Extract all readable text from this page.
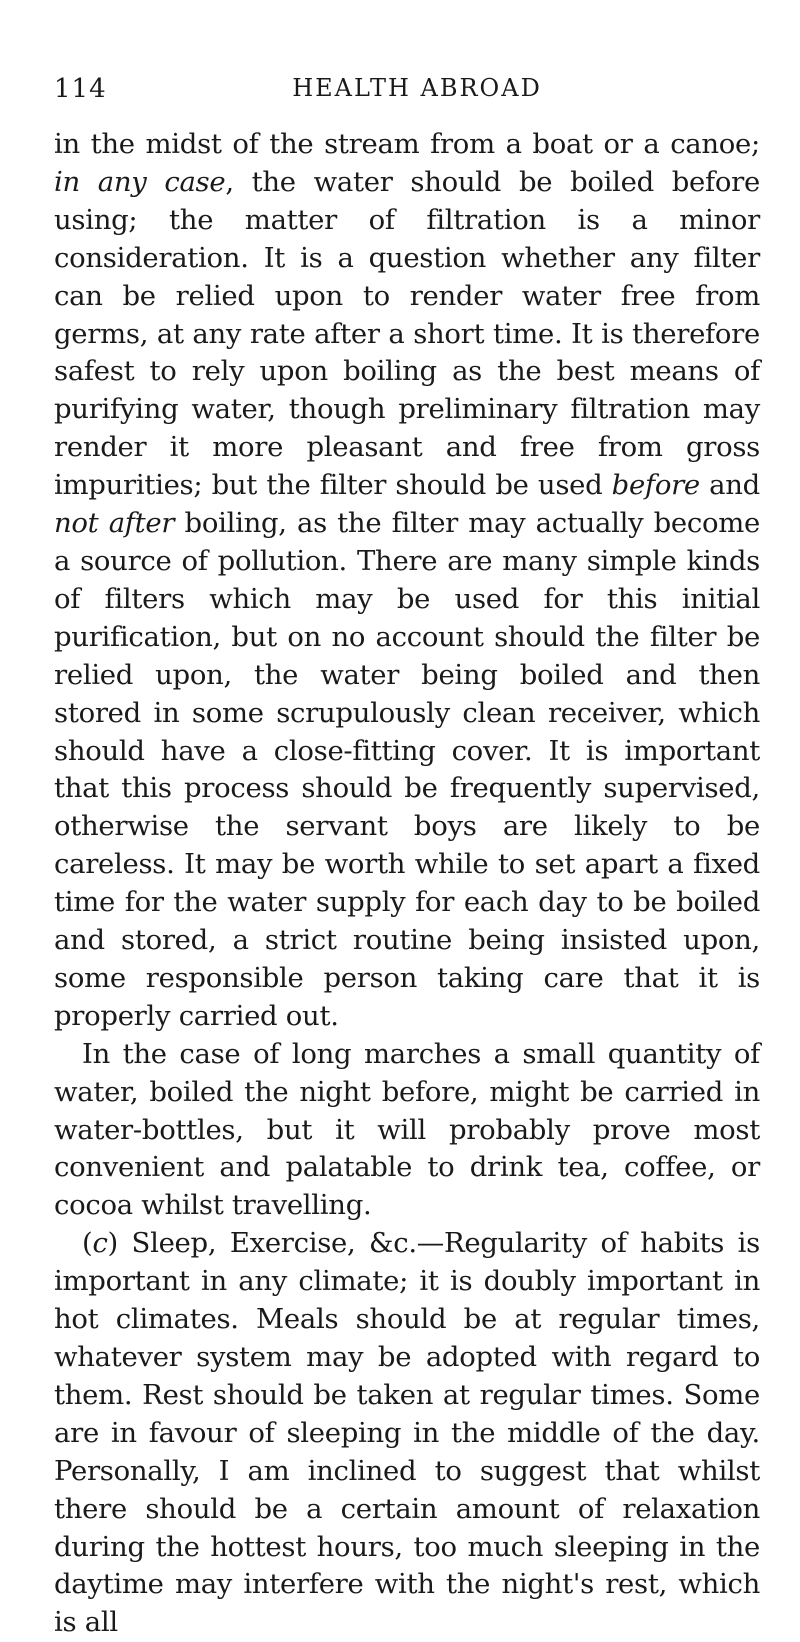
114	HEALTH ABROAD

in the midst of the stream from a boat or a canoe; in any case, the water should be boiled before using; the matter of filtration is a minor consideration. It is a question whether any filter can be relied upon to render water free from germs, at any rate after a short time. It is therefore safest to rely upon boiling as the best means of purifying water, though preliminary filtration may render it more pleasant and free from gross impurities; but the filter should be used before and not after boiling, as the filter may actually become a source of pollution. There are many simple kinds of filters which may be used for this initial purification, but on no account should the filter be relied upon, the water being boiled and then stored in some scrupulously clean receiver, which should have a close-fitting cover. It is important that this process should be frequently supervised, otherwise the servant boys are likely to be careless. It may be worth while to set apart a fixed time for the water supply for each day to be boiled and stored, a strict routine being insisted upon, some responsible person taking care that it is properly carried out.

In the case of long marches a small quantity of water, boiled the night before, might be carried in water-bottles, but it will probably prove most convenient and palatable to drink tea, coffee, or cocoa whilst travelling.

(c) Sleep, Exercise, &c.—Regularity of habits is important in any climate; it is doubly important in hot climates. Meals should be at regular times, whatever system may be adopted with regard to them. Rest should be taken at regular times. Some are in favour of sleeping in the middle of the day. Personally, I am inclined to suggest that whilst there should be a certain amount of relaxation during the hottest hours, too much sleeping in the daytime may interfere with the night's rest, which is all
